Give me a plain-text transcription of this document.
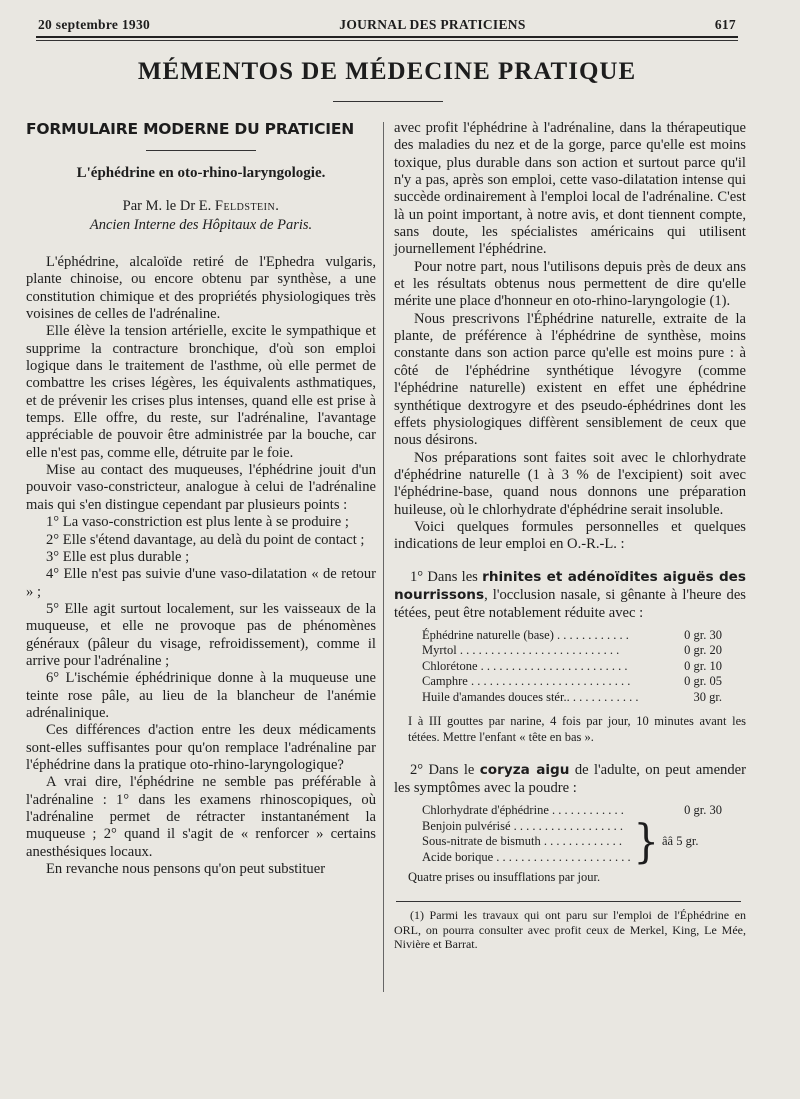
20 septembre 1930	JOURNAL DES PRATICIENS	617
MÉMENTOS DE MÉDECINE PRATIQUE
FORMULAIRE MODERNE DU PRATICIEN
L'éphédrine en oto-rhino-laryngologie.

Par M. le Dr E. Feldstein.

Ancien Interne des Hôpitaux de Paris.

L'éphédrine, alcaloïde retiré de l'Ephedra vulgaris, plante chinoise, ou encore obtenu par synthèse, a une constitution chimique et des propriétés physiologiques très voisines de celles de l'adrénaline.

Elle élève la tension artérielle, excite le sympathique et supprime la contracture bronchique, d'où son emploi logique dans le traitement de l'asthme, où elle permet de combattre les crises légères, les équivalents asthmatiques, et de prévenir les crises plus intenses, quand elle est prise à temps. Elle offre, du reste, sur l'adrénaline, l'avantage appréciable de pouvoir être administrée par la bouche, car elle n'est pas, comme elle, détruite par le foie.

Mise au contact des muqueuses, l'éphédrine jouit d'un pouvoir vaso-constricteur, analogue à celui de l'adrénaline mais qui s'en distingue cependant par plusieurs points :

1° La vaso-constriction est plus lente à se produire ;

2° Elle s'étend davantage, au delà du point de contact ;

3° Elle est plus durable ;

4° Elle n'est pas suivie d'une vaso-dilatation « de retour » ;

5° Elle agit surtout localement, sur les vaisseaux de la muqueuse, et elle ne provoque pas de phénomènes généraux (pâleur du visage, refroidissement), comme il arrive pour l'adrénaline ;

6° L'ischémie éphédrinique donne à la muqueuse une teinte rose pâle, au lieu de la blancheur de l'anémie adrénalinique.

Ces différences d'action entre les deux médicaments sont-elles suffisantes pour qu'on remplace l'adrénaline par l'éphédrine dans la pratique oto-rhino-laryngologique?

A vrai dire, l'éphédrine ne semble pas préférable à l'adrénaline : 1° dans les examens rhinoscopiques, où l'adrénaline permet de rétracter instantanément la muqueuse ; 2° quand il s'agit de « renforcer » certains anesthésiques locaux.

En revanche nous pensons qu'on peut substituer

avec profit l'éphédrine à l'adrénaline, dans la thérapeutique des maladies du nez et de la gorge, parce qu'elle est moins toxique, plus durable dans son action et surtout parce qu'il n'y a pas, après son emploi, cette vaso-dilatation intense qui succède ordinairement à l'emploi local de l'adrénaline. C'est là un point important, à notre avis, et dont tiennent compte, sans doute, les spécialistes américains qui utilisent journellement l'éphédrine.

Pour notre part, nous l'utilisons depuis près de deux ans et les résultats obtenus nous permettent de dire qu'elle mérite une place d'honneur en oto-rhino-laryngologie (1).

Nous prescrivons l'Éphédrine naturelle, extraite de la plante, de préférence à l'éphédrine de synthèse, moins constante dans son action parce qu'elle est moins pure : à côté de l'éphédrine synthétique lévogyre (comme l'éphédrine naturelle) existent en effet une éphédrine synthétique dextrogyre et des pseudo-éphédrines dont les effets physiologiques diffèrent sensiblement de ceux que nous désirons.

Nos préparations sont faites soit avec le chlorhydrate d'éphédrine naturelle (1 à 3 % de l'excipient) soit avec l'éphédrine-base, quand nous donnons une préparation huileuse, où le chlorhydrate d'éphédrine serait insoluble.

Voici quelques formules personnelles et quelques indications de leur emploi en O.-R.-L. :

1° Dans les rhinites et adénoïdites aiguës des nourrissons, l'occlusion nasale, si gênante à l'heure des tétées, peut être notablement réduite avec :
Éphédrine naturelle (base) . . . . . . . . . . . .	0 gr. 30
Myrtol . . . . . . . . . . . . . . . . . . . . . . . . . .	0 gr. 20
Chlorétone . . . . . . . . . . . . . . . . . . . . . . . .	0 gr. 10
Camphre . . . . . . . . . . . . . . . . . . . . . . . . . .	0 gr. 05
Huile d'amandes douces stér.. . . . . . . . . . . .	30 gr.
I à III gouttes par narine, 4 fois par jour, 10 minutes avant les tétées. Mettre l'enfant « tête en bas ».
2° Dans le coryza aigu de l'adulte, on peut amender les symptômes avec la poudre :
Chlorhydrate d'éphédrine . . . . . . . . . . . .	0 gr. 30
Benjoin pulvérisé . . . . . . . . . . . . . . . . . .
Sous-nitrate de bismuth . . . . . . . . . . . . .
Acide borique . . . . . . . . . . . . . . . . . . . . . . } ââ 5 gr.
Quatre prises ou insufflations par jour.

(1) Parmi les travaux qui ont paru sur l'emploi de l'Éphédrine en ORL, on pourra consulter avec profit ceux de Merkel, King, Le Mée, Nivière et Barrat.
